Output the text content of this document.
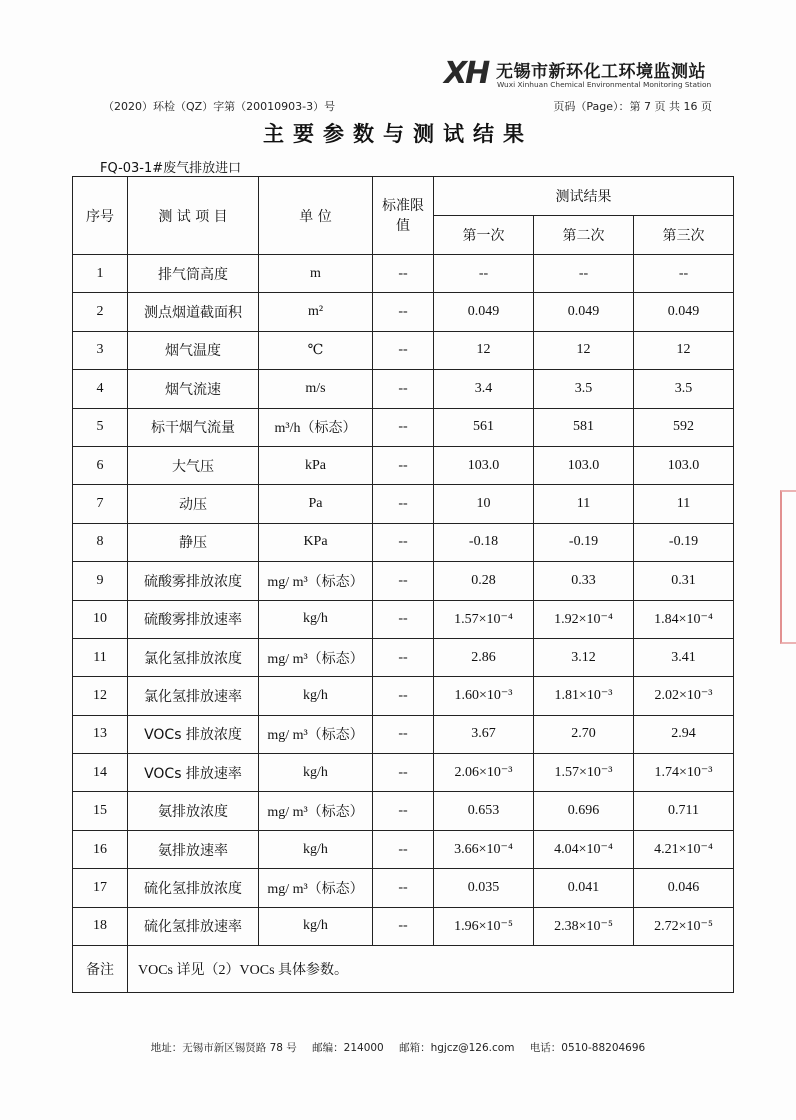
XH 无锡市新环化工环境监测站
Wuxi Xinhuan Chemical Environmental Monitoring Station
（2020）环检（QZ）字第（20010903-3）号	页码（Page）：第 7 页 共 16 页
主要参数与测试结果
FQ-03-1#废气排放进口
序号	测 试 项 目	单 位	标准限值	测试结果		
				第一次	第二次	第三次
1	排气筒高度	m	--	--	--	--
2	测点烟道截面积	m²	--	0.049	0.049	0.049
3	烟气温度	℃	--	12	12	12
4	烟气流速	m/s	--	3.4	3.5	3.5
5	标干烟气流量	m³/h（标态）	--	561	581	592
6	大气压	kPa	--	103.0	103.0	103.0
7	动压	Pa	--	10	11	11
8	静压	KPa	--	-0.18	-0.19	-0.19
9	硫酸雾排放浓度	mg/ m³（标态）	--	0.28	0.33	0.31
10	硫酸雾排放速率	kg/h	--	1.57×10⁻⁴	1.92×10⁻⁴	1.84×10⁻⁴
11	氯化氢排放浓度	mg/ m³（标态）	--	2.86	3.12	3.41
12	氯化氢排放速率	kg/h	--	1.60×10⁻³	1.81×10⁻³	2.02×10⁻³
13	VOCs 排放浓度	mg/ m³（标态）	--	3.67	2.70	2.94
14	VOCs 排放速率	kg/h	--	2.06×10⁻³	1.57×10⁻³	1.74×10⁻³
15	氨排放浓度	mg/ m³（标态）	--	0.653	0.696	0.711
16	氨排放速率	kg/h	--	3.66×10⁻⁴	4.04×10⁻⁴	4.21×10⁻⁴
17	硫化氢排放浓度	mg/ m³（标态）	--	0.035	0.041	0.046
18	硫化氢排放速率	kg/h	--	1.96×10⁻⁵	2.38×10⁻⁵	2.72×10⁻⁵
备注	VOCs 详见（2）VOCs 具体参数。					
地址：无锡市新区锡贤路 78 号 邮编：214000 邮箱：hgjcz@126.com 电话：0510-88204696
